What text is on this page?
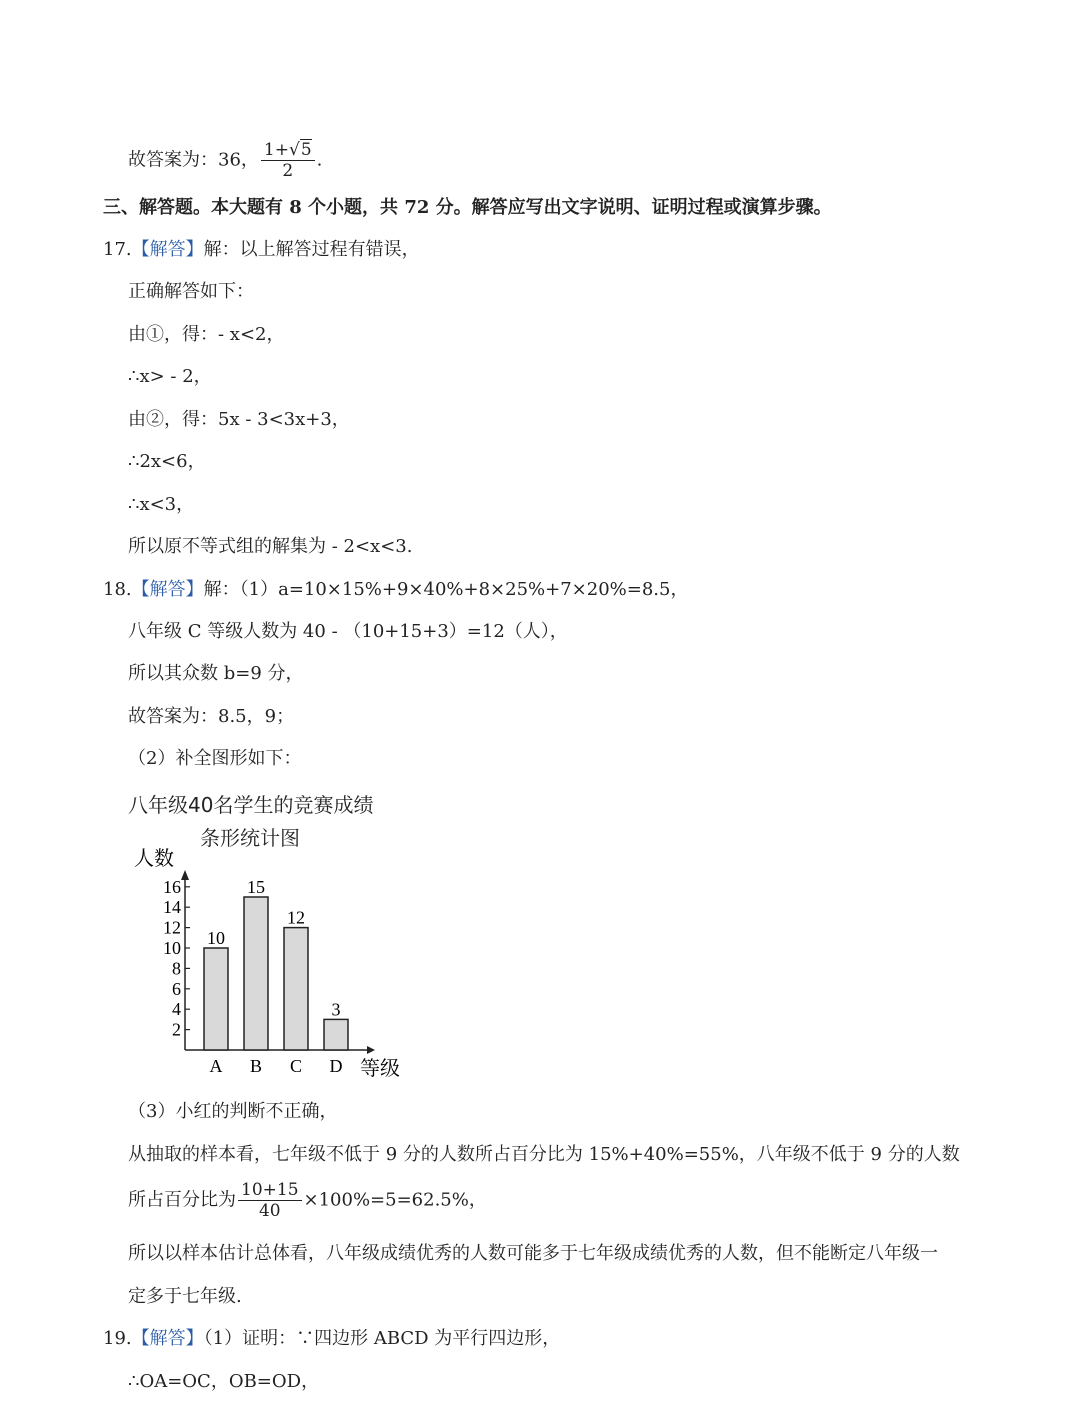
故答案为：36， $\frac{1+√5}{2}$ .
三、解答题。本大题有 8 个小题，共 72 分。解答应写出文字说明、证明过程或演算步骤。
17.【解答】解：以上解答过程有错误，
正确解答如下：
由①，得：- x<2，
∴x> - 2，
由②，得：5x - 3<3x+3，
∴2x<6，
∴x<3，
所以原不等式组的解集为 - 2<x<3.
18.【解答】解：（1）a=10×15%+9×40%+8×25%+7×20%=8.5，
八年级 C 等级人数为 40 - （10+15+3）=12（人），
所以其众数 b=9 分，
故答案为：8.5，9；
（2）补全图形如下：
八年级40名学生的竞赛成绩
条形统计图
人数
等级
2
4
6
8
10
12
14
16
10
A
15
B
12
C
3
D
（3）小红的判断不正确，
从抽取的样本看，七年级不低于 9 分的人数所占百分比为 15%+40%=55%，八年级不低于 9 分的人数
所占百分比为 $\frac{10+15}{40} \times 100\%=5=62.5\%$，
所以以样本估计总体看，八年级成绩优秀的人数可能多于七年级成绩优秀的人数，但不能断定八年级一
定多于七年级.
19.【解答】（1）证明：∵四边形 ABCD 为平行四边形，
∴OA=OC，OB=OD，
